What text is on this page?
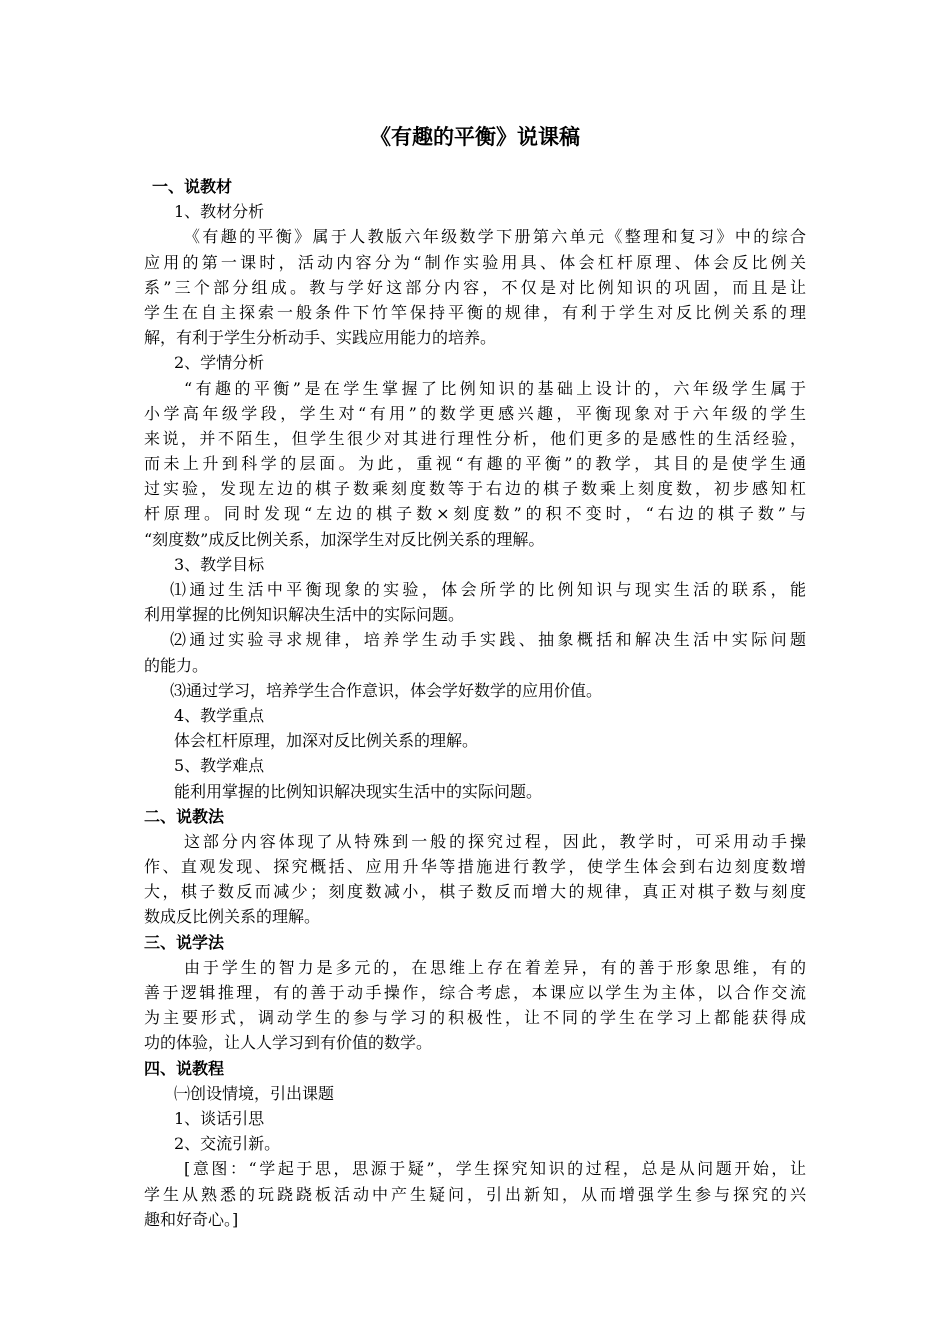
《有趣的平衡》说课稿
一、说教材
1、教材分析
《有趣的平衡》属于人教版六年级数学下册第六单元《整理和复习》中的综合
应用的第一课时，活动内容分为“制作实验用具、体会杠杆原理、体会反比例关
系”三个部分组成。教与学好这部分内容，不仅是对比例知识的巩固，而且是让
学生在自主探索一般条件下竹竿保持平衡的规律，有利于学生对反比例关系的理
解，有利于学生分析动手、实践应用能力的培养。
2、学情分析
“有趣的平衡”是在学生掌握了比例知识的基础上设计的，六年级学生属于
小学高年级学段，学生对“有用”的数学更感兴趣，平衡现象对于六年级的学生
来说，并不陌生，但学生很少对其进行理性分析，他们更多的是感性的生活经验，
而未上升到科学的层面。为此，重视“有趣的平衡”的教学，其目的是使学生通
过实验，发现左边的棋子数乘刻度数等于右边的棋子数乘上刻度数，初步感知杠
杆原理。同时发现“左边的棋子数×刻度数”的积不变时，“右边的棋子数”与
“刻度数”成反比例关系，加深学生对反比例关系的理解。
3、教学目标
⑴通过生活中平衡现象的实验，体会所学的比例知识与现实生活的联系，能
利用掌握的比例知识解决生活中的实际问题。
⑵通过实验寻求规律，培养学生动手实践、抽象概括和解决生活中实际问题
的能力。
⑶通过学习，培养学生合作意识，体会学好数学的应用价值。
4、教学重点
体会杠杆原理，加深对反比例关系的理解。
5、教学难点
能利用掌握的比例知识解决现实生活中的实际问题。
二、说教法
这部分内容体现了从特殊到一般的探究过程，因此，教学时，可采用动手操
作、直观发现、探究概括、应用升华等措施进行教学，使学生体会到右边刻度数增
大，棋子数反而减少；刻度数减小，棋子数反而增大的规律，真正对棋子数与刻度
数成反比例关系的理解。
三、说学法
由于学生的智力是多元的，在思维上存在着差异，有的善于形象思维，有的
善于逻辑推理，有的善于动手操作，综合考虑，本课应以学生为主体，以合作交流
为主要形式，调动学生的参与学习的积极性，让不同的学生在学习上都能获得成
功的体验，让人人学习到有价值的数学。
四、说教程
㈠创设情境，引出课题
1、谈话引思
2、交流引新。
[意图：“学起于思，思源于疑”，学生探究知识的过程，总是从问题开始，让
学生从熟悉的玩跷跷板活动中产生疑问，引出新知，从而增强学生参与探究的兴
趣和好奇心。]
